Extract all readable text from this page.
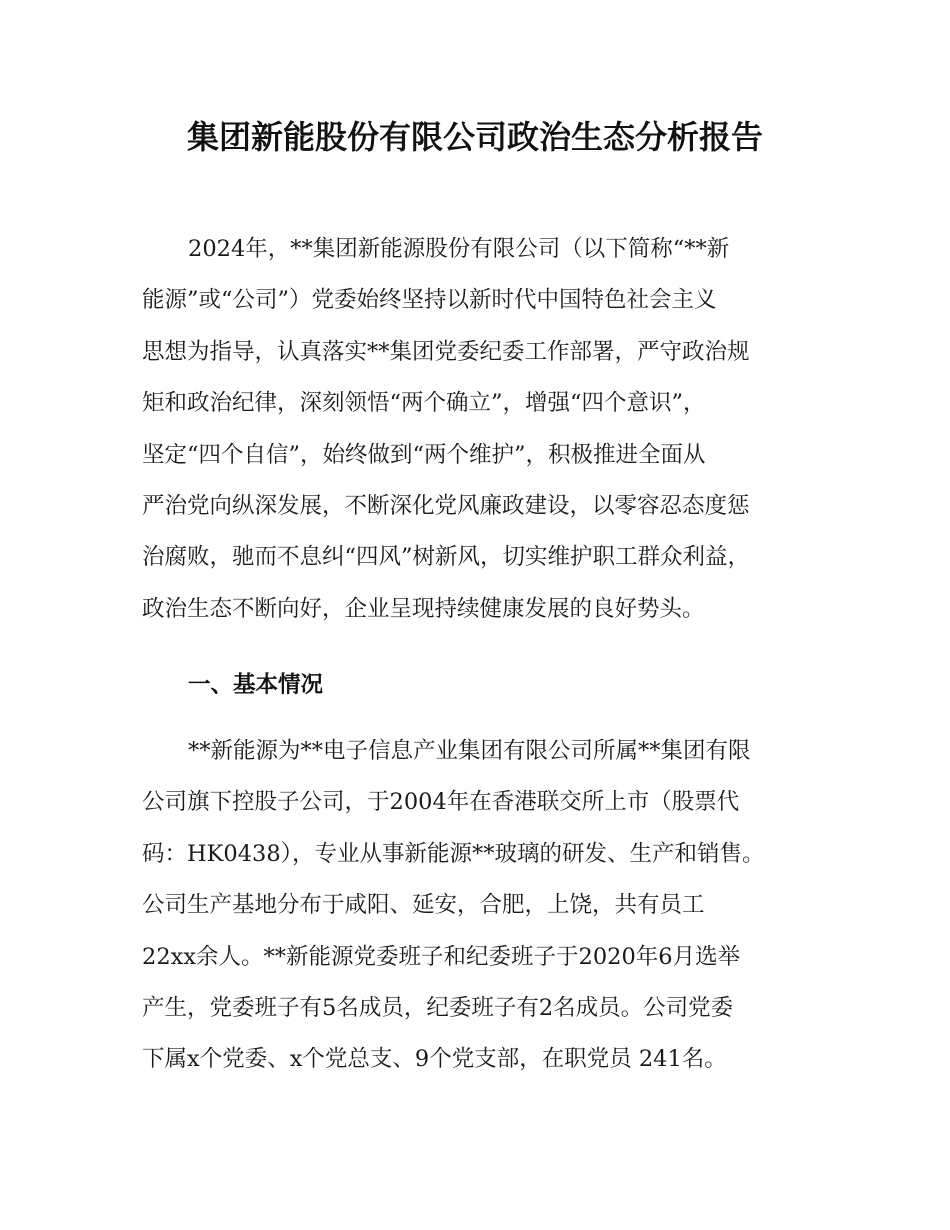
集团新能股份有限公司政治生态分析报告
2024年，**集团新能源股份有限公司（以下简称“**新
能源”或“公司”）党委始终坚持以新时代中国特色社会主义
思想为指导，认真落实**集团党委纪委工作部署，严守政治规
矩和政治纪律，深刻领悟“两个确立”，增强“四个意识”，
坚定“四个自信”，始终做到“两个维护”，积极推进全面从
严治党向纵深发展，不断深化党风廉政建设，以零容忍态度惩
治腐败，驰而不息纠“四风”树新风，切实维护职工群众利益，
政治生态不断向好，企业呈现持续健康发展的良好势头。
一、基本情况
**新能源为**电子信息产业集团有限公司所属**集团有限
公司旗下控股子公司，于2004年在香港联交所上市（股票代
码：HK0438），专业从事新能源**玻璃的研发、生产和销售。
公司生产基地分布于咸阳、延安，合肥，上饶，共有员工
22xx余人。**新能源党委班子和纪委班子于2020年6月选举
产生，党委班子有5名成员，纪委班子有2名成员。公司党委
下属x个党委、x个党总支、9个党支部，在职党员 241名。
